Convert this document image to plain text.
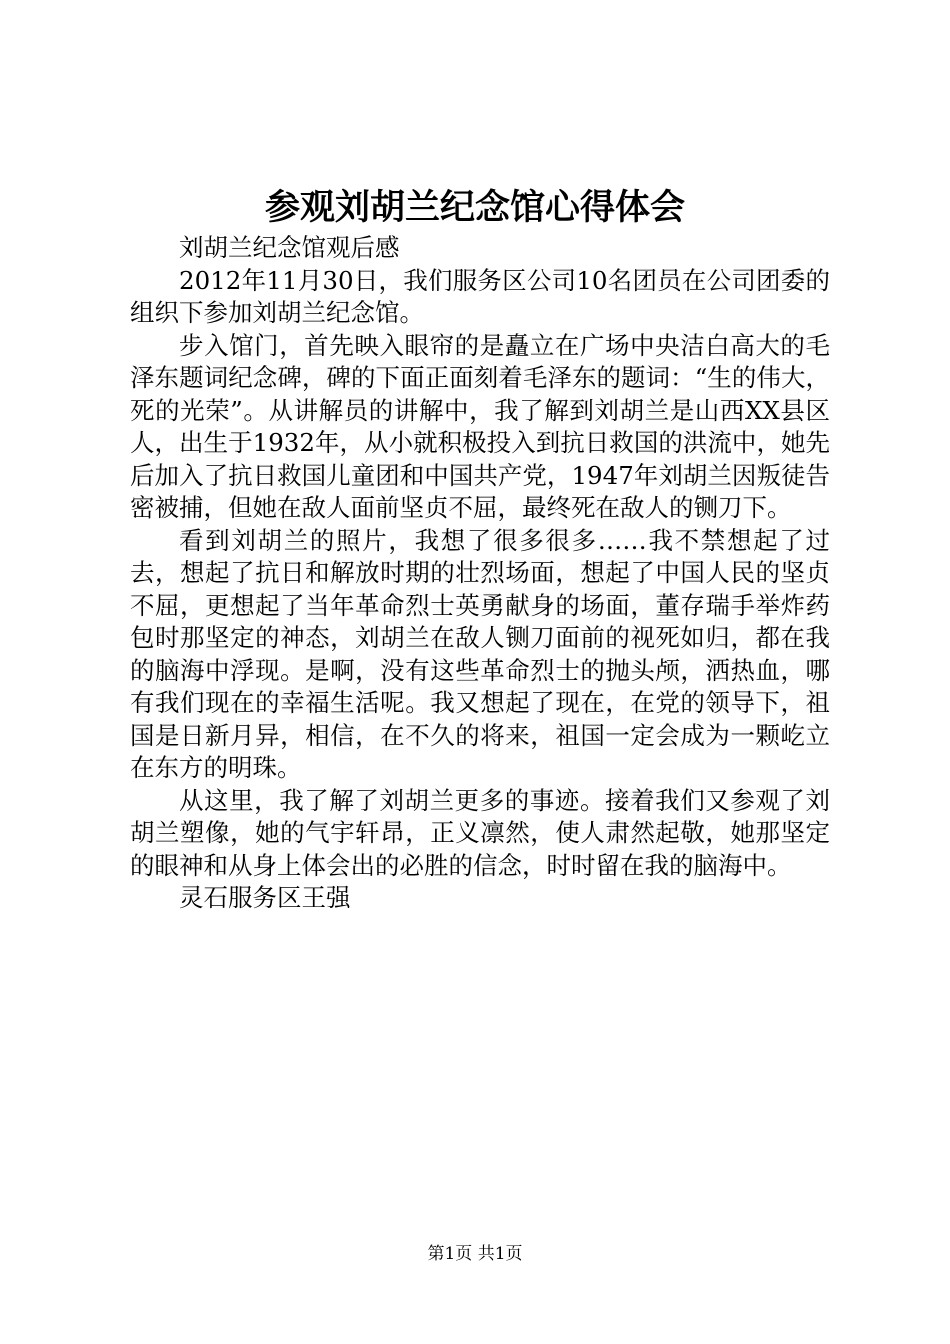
参观刘胡兰纪念馆心得体会

刘胡兰纪念馆观后感

2012年11月30日，我们服务区公司10名团员在公司团委的组织下参加刘胡兰纪念馆。

步入馆门，首先映入眼帘的是矗立在广场中央洁白高大的毛泽东题词纪念碑，碑的下面正面刻着毛泽东的题词：“生的伟大，死的光荣”。从讲解员的讲解中，我了解到刘胡兰是山西XX县区人，出生于1932年，从小就积极投入到抗日救国的洪流中，她先后加入了抗日救国儿童团和中国共产党，1947年刘胡兰因叛徒告密被捕，但她在敌人面前坚贞不屈，最终死在敌人的铡刀下。

看到刘胡兰的照片，我想了很多很多……我不禁想起了过去，想起了抗日和解放时期的壮烈场面，想起了中国人民的坚贞不屈，更想起了当年革命烈士英勇献身的场面，董存瑞手举炸药包时那坚定的神态，刘胡兰在敌人铡刀面前的视死如归，都在我的脑海中浮现。是啊，没有这些革命烈士的抛头颅，洒热血，哪有我们现在的幸福生活呢。我又想起了现在，在党的领导下，祖国是日新月异，相信，在不久的将来，祖国一定会成为一颗屹立在东方的明珠。

从这里，我了解了刘胡兰更多的事迹。接着我们又参观了刘胡兰塑像，她的气宇轩昂，正义凛然，使人肃然起敬，她那坚定的眼神和从身上体会出的必胜的信念，时时留在我的脑海中。

灵石服务区王强

第1页 共1页
